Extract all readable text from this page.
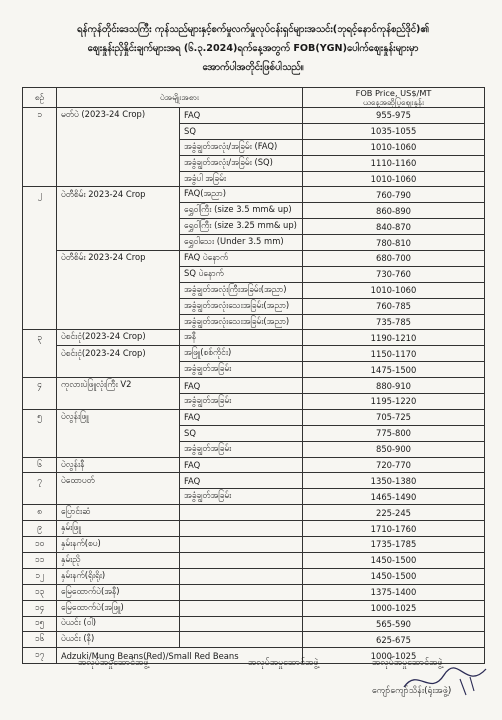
ရန်ကုန်တိုင်းဒေသကြီး ကုန်သည်များနှင့်စက်မှုလက်မှုလုပ်ငန်းရှင်များအသင်း(ဘုရင့်နောင်ကုန်စည်ဒိုင်)၏
စျေးနှုန်းညှိနှိုင်းချက်များအရ (၆.၃.2024)ရက်နေ့အတွက် FOB(YGN)ပေါက်စျေးနှုန်းများမှာ
အောက်ပါအတိုင်းဖြစ်ပါသည်။
စဉ်	ပဲအမျိုးအစား		FOB Price, US$/MT
ယနေ့အဆိုပြုစျေးနှုန်း

၁	မတ်ပဲ (2023-24 Crop)	FAQ	955-975
		SQ	1035-1055
		အခွံချွတ်အလုံး/အခြမ်း (FAQ)	1010-1060
		အခွံချွတ်အလုံး/အခြမ်း (SQ)	1110-1160
		အခွံပါ အခြမ်း	1010-1060
၂	ပဲတီစိမ်း 2023-24 Crop	FAQ(အညာ)	760-790
		ရွှေဝါကြီး (size 3.5 mm& up)	860-890
		ရွှေဝါကြီး (size 3.25 mm& up)	840-870
		ရွှေဝါသေး (Under 3.5 mm)	780-810
	ပဲတီစိမ်း 2023-24 Crop	FAQ ပဲနောက်	680-700
		SQ ပဲနောက်	730-760
		အခွံချွတ်အလုံးကြီးအခြမ်း(အညာ)	1010-1060
		အခွံချွတ်အလုံးသေးအခြမ်း(အညာ)	760-785
		အခွံချွတ်အလုံးသေးအခြမ်း(အညာ)	735-785
၃	ပဲစင်းငုံ(2023-24 Crop)	အနီ	1190-1210
	ပဲစင်းငုံ(2023-24 Crop)	အဖြူ(စစ်ကိုင်း)	1150-1170
		အခွံချွတ်အခြမ်း	1475-1500
၄	ကုလားပဲဖြူလုံးကြီး V2	FAQ	880-910
		အခွံချွတ်အခြမ်း	1195-1220
၅	ပဲလွန်းဖြူ	FAQ	705-725
		SQ	775-800
		အခွံချွတ်အခြမ်း	850-900
၆	ပဲလွန်းနီ	FAQ	720-770
၇	ပဲထောပတ်	FAQ	1350-1380
		အခွံချွတ်အခြမ်း	1465-1490
၈	ပြောင်းဆံ		225-245
၉	နှမ်းဖြူ		1710-1760
၁၀	နှမ်းနက်(စပ)		1735-1785
၁၁	နှမ်းညို		1450-1500
၁၂	နှမ်းနက်(ရိုးရိုး)		1450-1500
၁၃	မြေထောက်ပဲ(အနီ)		1375-1400
၁၄	မြေထောက်ပဲ(အဖြူ)		1000-1025
၁၅	ပဲယင်း (ဝါ)		565-590
၁၆	ပဲယင်း (နီ)		625-675
၁၇	Adzuki/Mung Beans(Red)/Small Red Beans		1000-1025
အလုပ်အမှုဆောင်အဖွဲ့	အလုပ်အမှုဆောင်အဖွဲ့	အလုပ်အမှုဆောင်အဖွဲ့
ကျော်ကျော်သိန်း(ရုံးအဖွဲ့)
